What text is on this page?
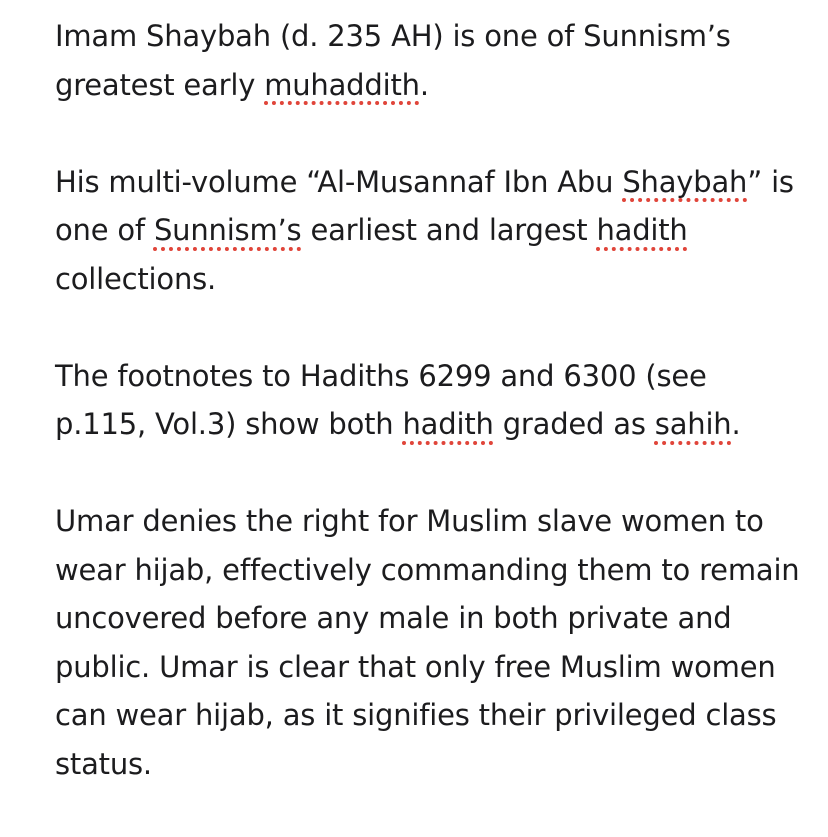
Imam Shaybah (d. 235 AH) is one of Sunnism’s greatest early muhaddith.

His multi-volume “Al-Musannaf Ibn Abu Shaybah” is one of Sunnism’s earliest and largest hadith collections.

The footnotes to Hadiths 6299 and 6300 (see p.115, Vol.3) show both hadith graded as sahih.

Umar denies the right for Muslim slave women to wear hijab, effectively commanding them to remain uncovered before any male in both private and public. Umar is clear that only free Muslim women can wear hijab, as it signifies their privileged class status.
